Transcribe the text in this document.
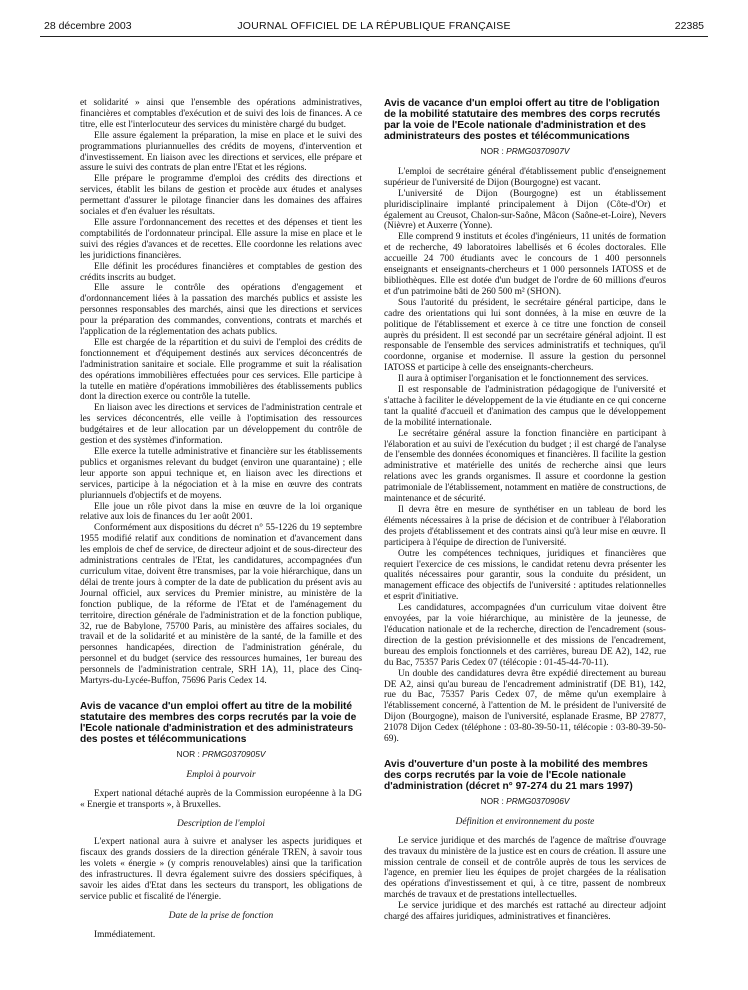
28 décembre 2003	JOURNAL OFFICIEL DE LA RÉPUBLIQUE FRANÇAISE	22385

et solidarité » ainsi que l'ensemble des opérations administratives, financières et comptables d'exécution et de suivi des lois de finances. A ce titre, elle est l'interlocuteur des services du ministère chargé du budget.

Elle assure également la préparation, la mise en place et le suivi des programmations pluriannuelles des crédits de moyens, d'intervention et d'investissement. En liaison avec les directions et services, elle prépare et assure le suivi des contrats de plan entre l'Etat et les régions.

Elle prépare le programme d'emploi des crédits des directions et services, établit les bilans de gestion et procède aux études et analyses permettant d'assurer le pilotage financier dans les domaines des affaires sociales et d'en évaluer les résultats.

Elle assure l'ordonnancement des recettes et des dépenses et tient les comptabilités de l'ordonnateur principal. Elle assure la mise en place et le suivi des régies d'avances et de recettes. Elle coordonne les relations avec les juridictions financières.

Elle définit les procédures financières et comptables de gestion des crédits inscrits au budget.

Elle assure le contrôle des opérations d'engagement et d'ordonnancement liées à la passation des marchés publics et assiste les personnes responsables des marchés, ainsi que les directions et services pour la préparation des commandes, conventions, contrats et marchés et l'application de la réglementation des achats publics.

Elle est chargée de la répartition et du suivi de l'emploi des crédits de fonctionnement et d'équipement destinés aux services déconcentrés de l'administration sanitaire et sociale. Elle programme et suit la réalisation des opérations immobilières effectuées pour ces services. Elle participe à la tutelle en matière d'opérations immobilières des établissements publics dont la direction exerce ou contrôle la tutelle.

En liaison avec les directions et services de l'administration centrale et les services déconcentrés, elle veille à l'optimisation des ressources budgétaires et de leur allocation par un développement du contrôle de gestion et des systèmes d'information.

Elle exerce la tutelle administrative et financière sur les établissements publics et organismes relevant du budget (environ une quarantaine) ; elle leur apporte son appui technique et, en liaison avec les directions et services, participe à la négociation et à la mise en œuvre des contrats pluriannuels d'objectifs et de moyens.

Elle joue un rôle pivot dans la mise en œuvre de la loi organique relative aux lois de finances du 1er août 2001.

Conformément aux dispositions du décret n° 55-1226 du 19 septembre 1955 modifié relatif aux conditions de nomination et d'avancement dans les emplois de chef de service, de directeur adjoint et de sous-directeur des administrations centrales de l'Etat, les candidatures, accompagnées d'un curriculum vitae, doivent être transmises, par la voie hiérarchique, dans un délai de trente jours à compter de la date de publication du présent avis au Journal officiel, aux services du Premier ministre, au ministère de la fonction publique, de la réforme de l'Etat et de l'aménagement du territoire, direction générale de l'administration et de la fonction publique, 32, rue de Babylone, 75700 Paris, au ministère des affaires sociales, du travail et de la solidarité et au ministère de la santé, de la famille et des personnes handicapées, direction de l'administration générale, du personnel et du budget (service des ressources humaines, 1er bureau des personnels de l'administration centrale, SRH 1A), 11, place des Cinq-Martyrs-du-Lycée-Buffon, 75696 Paris Cedex 14.

Avis de vacance d'un emploi offert au titre de la mobilité statutaire des membres des corps recrutés par la voie de l'Ecole nationale d'administration et des administrateurs des postes et télécommunications
NOR : PRMG0370905V
Emploi à pourvoir

Expert national détaché auprès de la Commission européenne à la DG « Energie et transports », à Bruxelles.

Description de l'emploi

L'expert national aura à suivre et analyser les aspects juridiques et fiscaux des grands dossiers de la direction générale TREN, à savoir tous les volets « énergie » (y compris renouvelables) ainsi que la tarification des infrastructures. Il devra également suivre des dossiers spécifiques, à savoir les aides d'Etat dans les secteurs du transport, les obligations de service public et fiscalité de l'énergie.

Date de la prise de fonction

Immédiatement.

Avis de vacance d'un emploi offert au titre de l'obligation de la mobilité statutaire des membres des corps recrutés par la voie de l'Ecole nationale d'administration et des administrateurs des postes et télécommunications
NOR : PRMG0370907V

L'emploi de secrétaire général d'établissement public d'enseignement supérieur de l'université de Dijon (Bourgogne) est vacant.

L'université de Dijon (Bourgogne) est un établissement pluridisciplinaire implanté principalement à Dijon (Côte-d'Or) et également au Creusot, Chalon-sur-Saône, Mâcon (Saône-et-Loire), Nevers (Nièvre) et Auxerre (Yonne).

Elle comprend 9 instituts et écoles d'ingénieurs, 11 unités de formation et de recherche, 49 laboratoires labellisés et 6 écoles doctorales. Elle accueille 24 700 étudiants avec le concours de 1 400 personnels enseignants et enseignants-chercheurs et 1 000 personnels IATOSS et de bibliothèques. Elle est dotée d'un budget de l'ordre de 60 millions d'euros et d'un patrimoine bâti de 260 500 m² (SHON).

Sous l'autorité du président, le secrétaire général participe, dans le cadre des orientations qui lui sont données, à la mise en œuvre de la politique de l'établissement et exerce à ce titre une fonction de conseil auprès du président. Il est secondé par un secrétaire général adjoint. Il est responsable de l'ensemble des services administratifs et techniques, qu'il coordonne, organise et modernise. Il assure la gestion du personnel IATOSS et participe à celle des enseignants-chercheurs.

Il aura à optimiser l'organisation et le fonctionnement des services.

Il est responsable de l'administration pédagogique de l'université et s'attache à faciliter le développement de la vie étudiante en ce qui concerne tant la qualité d'accueil et d'animation des campus que le développement de la mobilité internationale.

Le secrétaire général assure la fonction financière en participant à l'élaboration et au suivi de l'exécution du budget ; il est chargé de l'analyse de l'ensemble des données économiques et financières. Il facilite la gestion administrative et matérielle des unités de recherche ainsi que leurs relations avec les grands organismes. Il assure et coordonne la gestion patrimoniale de l'établissement, notamment en matière de constructions, de maintenance et de sécurité.

Il devra être en mesure de synthétiser en un tableau de bord les éléments nécessaires à la prise de décision et de contribuer à l'élaboration des projets d'établissement et des contrats ainsi qu'à leur mise en œuvre. Il participera à l'équipe de direction de l'université.

Outre les compétences techniques, juridiques et financières que requiert l'exercice de ces missions, le candidat retenu devra présenter les qualités nécessaires pour garantir, sous la conduite du président, un management efficace des objectifs de l'université : aptitudes relationnelles et esprit d'initiative.

Les candidatures, accompagnées d'un curriculum vitae doivent être envoyées, par la voie hiérarchique, au ministère de la jeunesse, de l'éducation nationale et de la recherche, direction de l'encadrement (sous-direction de la gestion prévisionnelle et des missions de l'encadrement, bureau des emplois fonctionnels et des carrières, bureau DE A2), 142, rue du Bac, 75357 Paris Cedex 07 (télécopie : 01-45-44-70-11).

Un double des candidatures devra être expédié directement au bureau DE A2, ainsi qu'au bureau de l'encadrement administratif (DE B1), 142, rue du Bac, 75357 Paris Cedex 07, de même qu'un exemplaire à l'établissement concerné, à l'attention de M. le président de l'université de Dijon (Bourgogne), maison de l'université, esplanade Erasme, BP 27877, 21078 Dijon Cedex (téléphone : 03-80-39-50-11, télécopie : 03-80-39-50-69).

Avis d'ouverture d'un poste à la mobilité des membres des corps recrutés par la voie de l'Ecole nationale d'administration (décret n° 97-274 du 21 mars 1997)
NOR : PRMG0370906V
Définition et environnement du poste

Le service juridique et des marchés de l'agence de maîtrise d'ouvrage des travaux du ministère de la justice est en cours de création. Il assure une mission centrale de conseil et de contrôle auprès de tous les services de l'agence, en premier lieu les équipes de projet chargées de la réalisation des opérations d'investissement et qui, à ce titre, passent de nombreux marchés de travaux et de prestations intellectuelles.

Le service juridique et des marchés est rattaché au directeur adjoint chargé des affaires juridiques, administratives et financières.
